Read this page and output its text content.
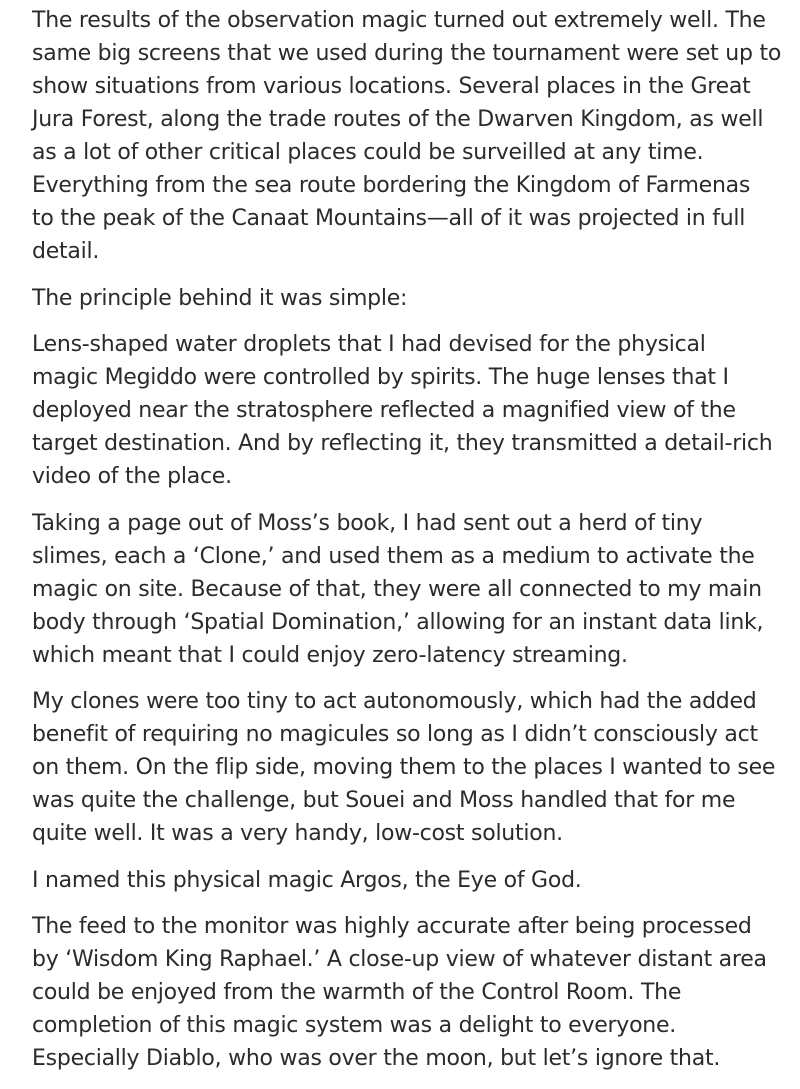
The results of the observation magic turned out extremely well. The
same big screens that we used during the tournament were set up to
show situations from various locations. Several places in the Great
Jura Forest, along the trade routes of the Dwarven Kingdom, as well
as a lot of other critical places could be surveilled at any time.
Everything from the sea route bordering the Kingdom of Farmenas
to the peak of the Canaat Mountains—all of it was projected in full
detail.

The principle behind it was simple:

Lens-shaped water droplets that I had devised for the physical
magic Megiddo were controlled by spirits. The huge lenses that I
deployed near the stratosphere reflected a magnified view of the
target destination. And by reflecting it, they transmitted a detail-rich
video of the place.

Taking a page out of Moss’s book, I had sent out a herd of tiny
slimes, each a ‘Clone,’ and used them as a medium to activate the
magic on site. Because of that, they were all connected to my main
body through ‘Spatial Domination,’ allowing for an instant data link,
which meant that I could enjoy zero-latency streaming.

My clones were too tiny to act autonomously, which had the added
benefit of requiring no magicules so long as I didn’t consciously act
on them. On the flip side, moving them to the places I wanted to see
was quite the challenge, but Souei and Moss handled that for me
quite well. It was a very handy, low-cost solution.

I named this physical magic Argos, the Eye of God.

The feed to the monitor was highly accurate after being processed
by ‘Wisdom King Raphael.’ A close-up view of whatever distant area
could be enjoyed from the warmth of the Control Room. The
completion of this magic system was a delight to everyone.
Especially Diablo, who was over the moon, but let’s ignore that.
